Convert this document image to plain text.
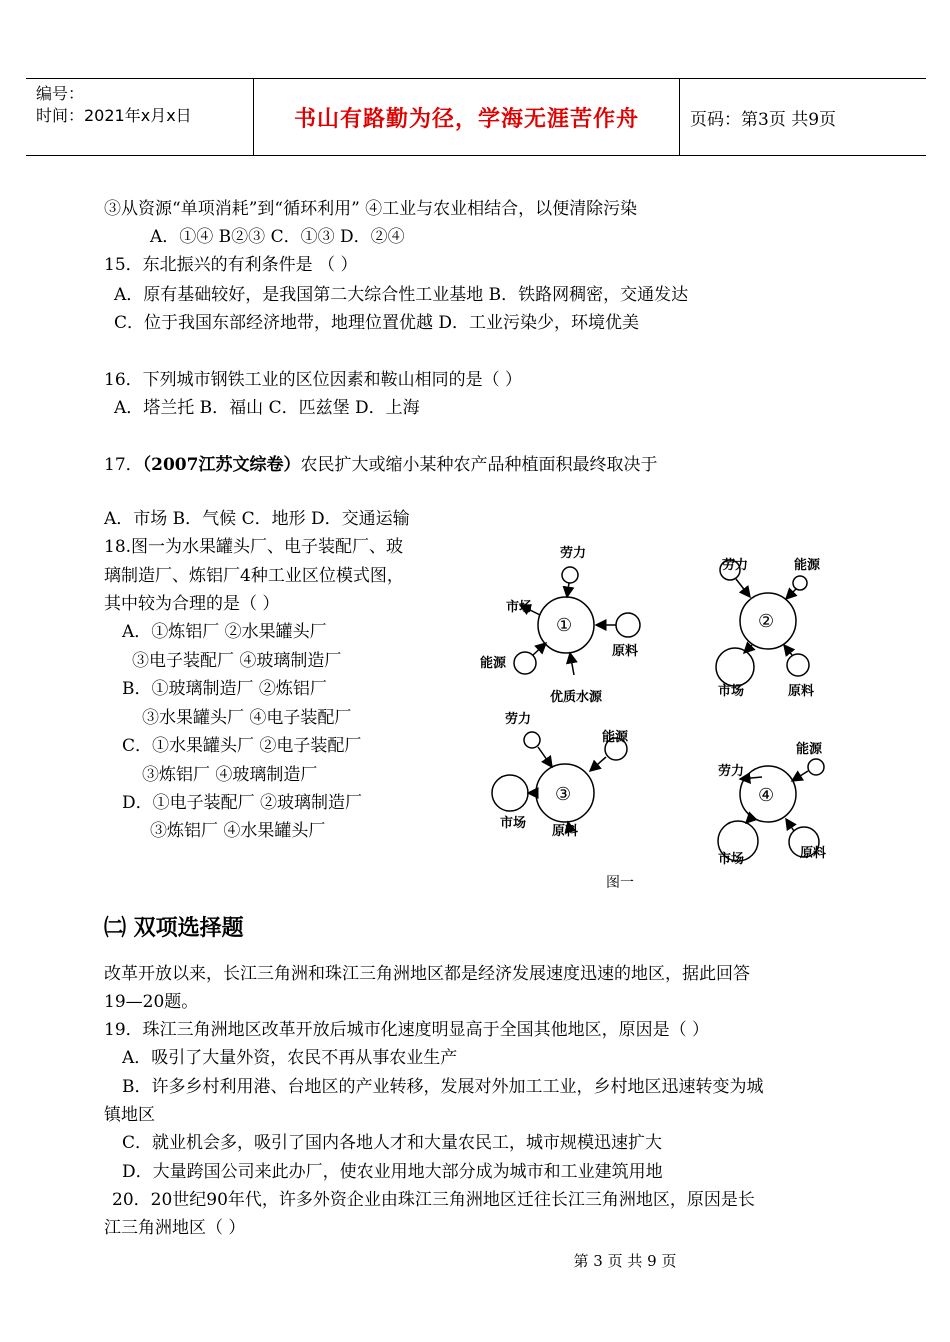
编号：
时间：2021年x月x日	书山有路勤为径，学海无涯苦作舟	页码：第3页 共9页
③从资源“单项消耗”到“循环利用” ④工业与农业相结合，以便清除污染
A．①④ B②③ C．①③ D．②④
15．东北振兴的有利条件是 （ ）
A．原有基础较好，是我国第二大综合性工业基地 B．铁路网稠密，交通发达
C．位于我国东部经济地带，地理位置优越 D．工业污染少，环境优美
16．下列城市钢铁工业的区位因素和鞍山相同的是（ ）
A．塔兰托 B．福山 C．匹兹堡 D．上海
17．（2007江苏文综卷）农民扩大或缩小某种农产品种植面积最终取决于
A．市场 B．气候 C．地形 D．交通运输
18.图一为水果罐头厂、电子装配厂、玻
璃制造厂、炼铝厂4种工业区位模式图，
其中较为合理的是（ ）
A．①炼铝厂 ②水果罐头厂
③电子装配厂 ④玻璃制造厂
B．①玻璃制造厂 ②炼铝厂
③水果罐头厂 ④电子装配厂
C．①水果罐头厂 ②电子装配厂
③炼铝厂 ④玻璃制造厂
D．①电子装配厂 ②玻璃制造厂
③炼铝厂 ④水果罐头厂
①
劳力
市场
原料
能源
优质水源
②
劳力	能源
市场	原料
③
劳力
能源
市场
原料
④
劳力
能源
市场	原料
图一
㈡ 双项选择题
改革开放以来，长江三角洲和珠江三角洲地区都是经济发展速度迅速的地区，据此回答
19—20题。
19．珠江三角洲地区改革开放后城市化速度明显高于全国其他地区，原因是（ ）
A．吸引了大量外资，农民不再从事农业生产
B．许多乡村利用港、台地区的产业转移，发展对外加工工业，乡村地区迅速转变为城
镇地区
C．就业机会多，吸引了国内各地人才和大量农民工，城市规模迅速扩大
D．大量跨国公司来此办厂，使农业用地大部分成为城市和工业建筑用地
20．20世纪90年代，许多外资企业由珠江三角洲地区迁往长江三角洲地区，原因是长
江三角洲地区（ ）
第 3 页 共 9 页
